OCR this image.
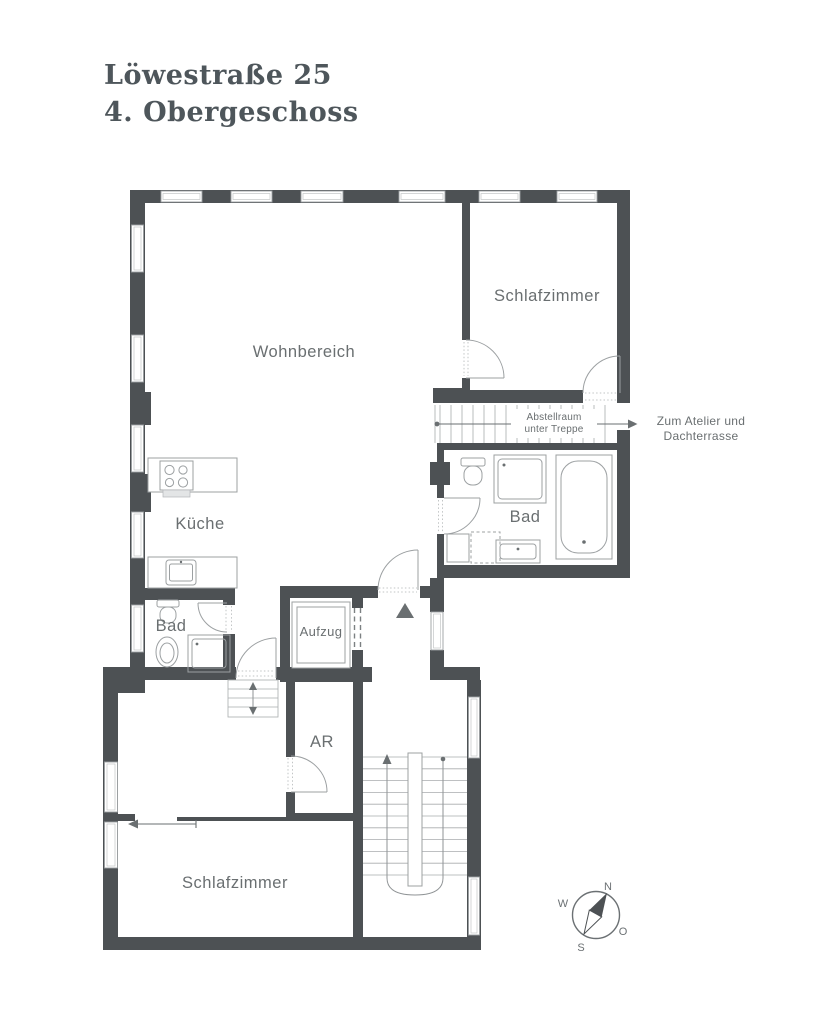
Löwestraße 25
4. Obergeschoss
Abstellraum
unter Treppe
Zum Atelier und
Dachterrasse
Wohnbereich
Schlafzimmer
Küche
Bad
Bad
Aufzug
AR
Schlafzimmer	N
W
O
S
